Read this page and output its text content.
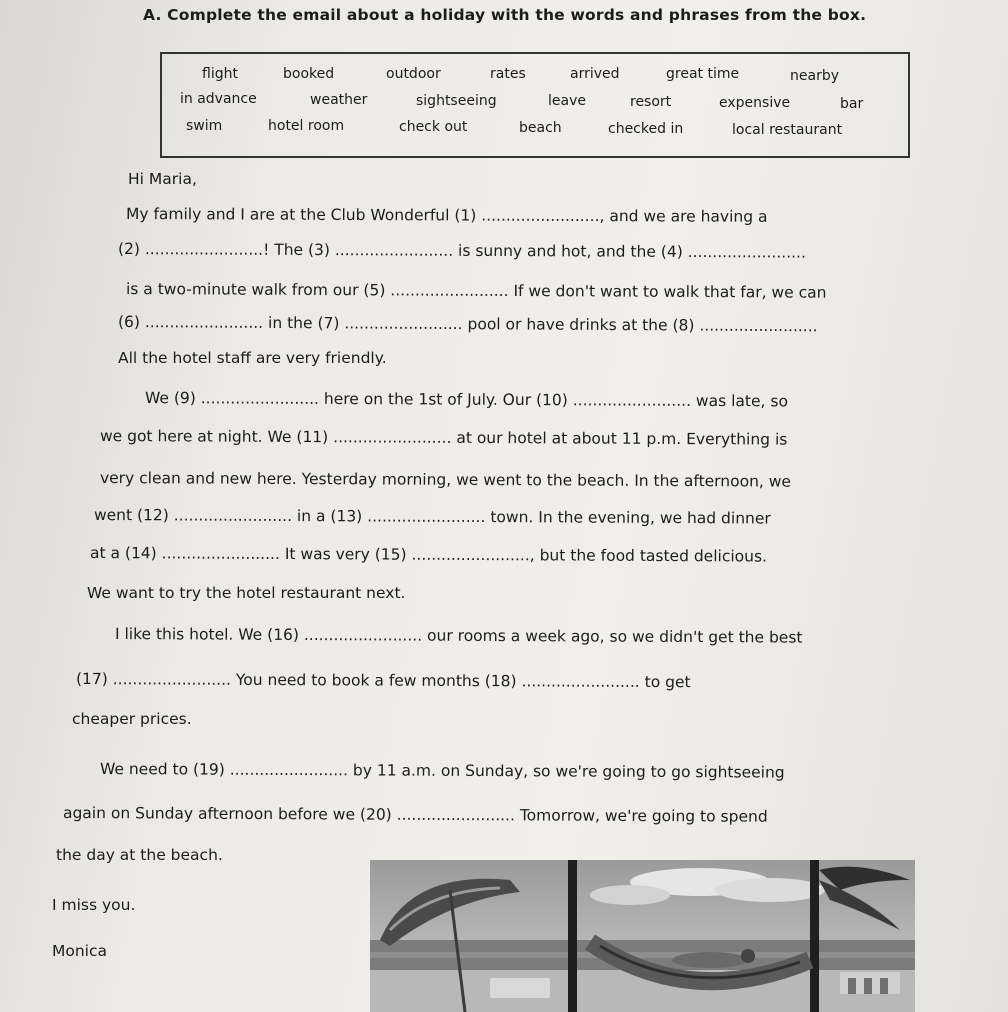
A. Complete the email about a holiday with the words and phrases from the box.
flight	booked	outdoor	rates	arrived	great time	nearby
in advance	weather	sightseeing	leave	resort	expensive	bar
swim	hotel room	check out	beach	checked in	local restaurant
Hi Maria,
My family and I are at the Club Wonderful (1) ........................, and we are having a
(2) ........................! The (3) ........................ is sunny and hot, and the (4) ........................
is a two-minute walk from our (5) ........................ If we don't want to walk that far, we can
(6) ........................ in the (7) ........................ pool or have drinks at the (8) ........................
All the hotel staff are very friendly.
We (9) ........................ here on the 1st of July. Our (10) ........................ was late, so
we got here at night. We (11) ........................ at our hotel at about 11 p.m. Everything is
very clean and new here. Yesterday morning, we went to the beach. In the afternoon, we
went (12) ........................ in a (13) ........................ town. In the evening, we had dinner
at a (14) ........................ It was very (15) ........................, but the food tasted delicious.
We want to try the hotel restaurant next.
I like this hotel. We (16) ........................ our rooms a week ago, so we didn't get the best
(17) ........................ You need to book a few months (18) ........................ to get
cheaper prices.
We need to (19) ........................ by 11 a.m. on Sunday, so we're going to go sightseeing
again on Sunday afternoon before we (20) ........................ Tomorrow, we're going to spend
the day at the beach.
I miss you.
Monica
